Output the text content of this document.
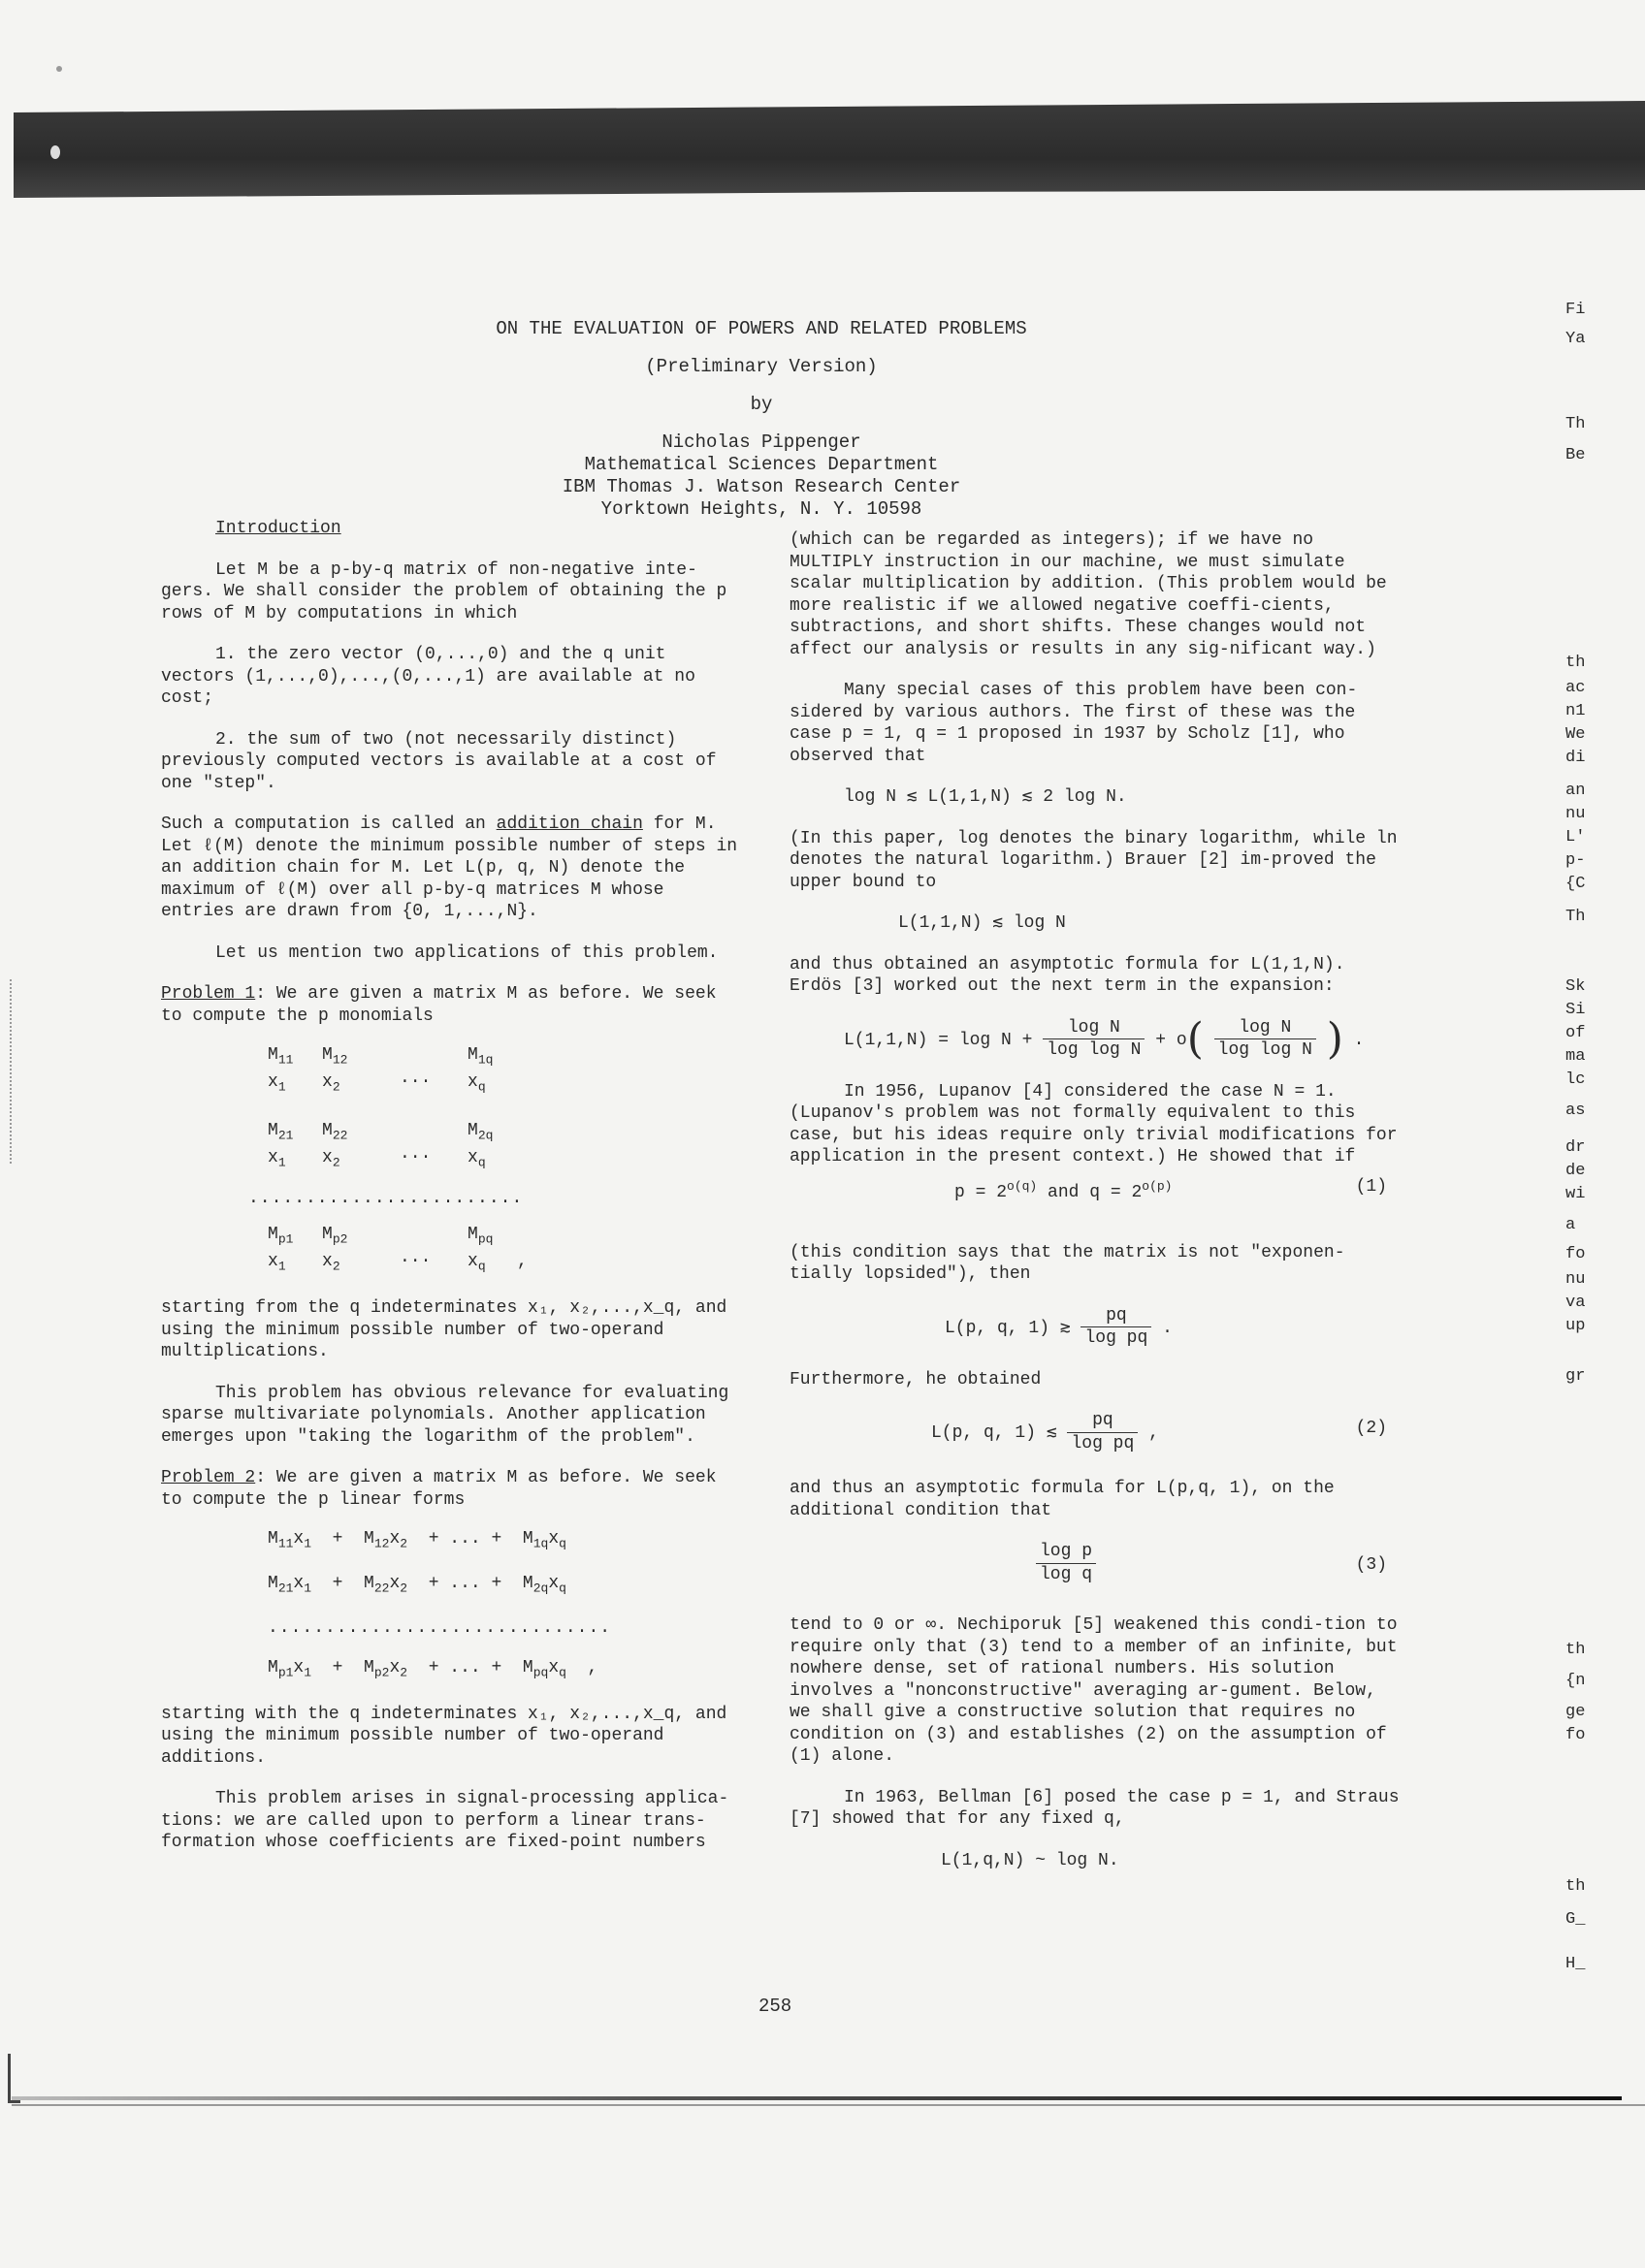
ON THE EVALUATION OF POWERS AND RELATED PROBLEMS
(Preliminary Version)
by
Nicholas Pippenger
Mathematical Sciences Department
IBM Thomas J. Watson Research Center
Yorktown Heights, N. Y. 10598

Introduction

Let M be a p-by-q matrix of non-negative inte-gers. We shall consider the problem of obtaining the p rows of M by computations in which

1. the zero vector (0,...,0) and the q unit vectors (1,...,0),...,(0,...,1) are available at no cost;

2. the sum of two (not necessarily distinct) previously computed vectors is available at a cost of one "step".

Such a computation is called an addition chain for M. Let ℓ(M) denote the minimum possible number of steps in an addition chain for M. Let L(p, q, N) denote the maximum of ℓ(M) over all p-by-q matrices M whose entries are drawn from {0, 1,...,N}.

Let us mention two applications of this problem.

Problem 1: We are given a matrix M as before. We seek to compute the p monomials

$M_{11}$	$M_{12}$	$M_{1q}$
$x_1$	$x_2$	···	$x_q$
$M_{21}$	$M_{22}$	$M_{2q}$
$x_1$	$x_2$	···	$x_q$
........................
$M_{p1}$	$M_{p2}$	$M_{pq}$
$x_1$	$x_2$	···	$x_q$   ,

starting from the q indeterminates x₁, x₂,...,x_q, and using the minimum possible number of two-operand multiplications.

This problem has obvious relevance for evaluating sparse multivariate polynomials. Another application emerges upon "taking the logarithm of the problem".

Problem 2: We are given a matrix M as before. We seek to compute the p linear forms

$M_{11}x_1 + M_{12}x_2$  + ... +  $M_{1q}x_q$
$M_{21}x_1 + M_{22}x_2$  + ... +  $M_{2q}x_q$
..............................
$M_{p1}x_1 + M_{p2}x_2$  + ... +  $M_{pq}x_q$  ,

starting with the q indeterminates x₁, x₂,...,x_q, and using the minimum possible number of two-operand additions.

This problem arises in signal-processing applica-tions: we are called upon to perform a linear trans-formation whose coefficients are fixed-point numbers

(which can be regarded as integers); if we have no MULTIPLY instruction in our machine, we must simulate scalar multiplication by addition. (This problem would be more realistic if we allowed negative coeffi-cients, subtractions, and short shifts. These changes would not affect our analysis or results in any sig-nificant way.)

Many special cases of this problem have been con-sidered by various authors. The first of these was the case p = 1, q = 1 proposed in 1937 by Scholz [1], who observed that

log N ≲ L(1,1,N) ≲ 2 log N.

(In this paper, log denotes the binary logarithm, while ln denotes the natural logarithm.) Brauer [2] im-proved the upper bound to

L(1,1,N) ≲ log N

and thus obtained an asymptotic formula for L(1,1,N). Erdös [3] worked out the next term in the expansion:

$L(1,1,N) = \log N + \frac{\text{log N}}{\text{log log N}} + o( \frac{\text{log N}}{\text{log log N}}$ ) .

In 1956, Lupanov [4] considered the case N = 1. (Lupanov's problem was not formally equivalent to this case, but his ideas require only trivial modifications for application in the present context.) He showed that if

$p = 2^{o(q)}$ and $q = 2^{o(p)}$	(1)

(this condition says that the matrix is not "exponen-tially lopsided"), then

L(p, q, 1) ≳ $\frac{pq}{\text{log pq}}$ .

Furthermore, he obtained

L(p, q, 1) ≲ $\frac{pq}{\text{log pq}}$ ,	(2)

and thus an asymptotic formula for L(p,q, 1), on the additional condition that

$\frac{\text{log p}}{\text{log q}}$	(3)

tend to 0 or ∞. Nechiporuk [5] weakened this condi-tion to require only that (3) tend to a member of an infinite, but nowhere dense, set of rational numbers. His solution involves a "nonconstructive" averaging ar-gument. Below, we shall give a constructive solution that requires no condition on (3) and establishes (2) on the assumption of (1) alone.

In 1963, Bellman [6] posed the case p = 1, and Straus [7] showed that for any fixed q,

L(1,q,N) ~ log N.

258
Fi
Ya
Th
Be
th
ac
n1
We
di
an
nu
L'
p-
{C
Th
Sk
Si
of
ma
lc
as
dr
de
wi
a
fo
nu
va
up
gr
th
{n
ge
fo
th
G_
H_
